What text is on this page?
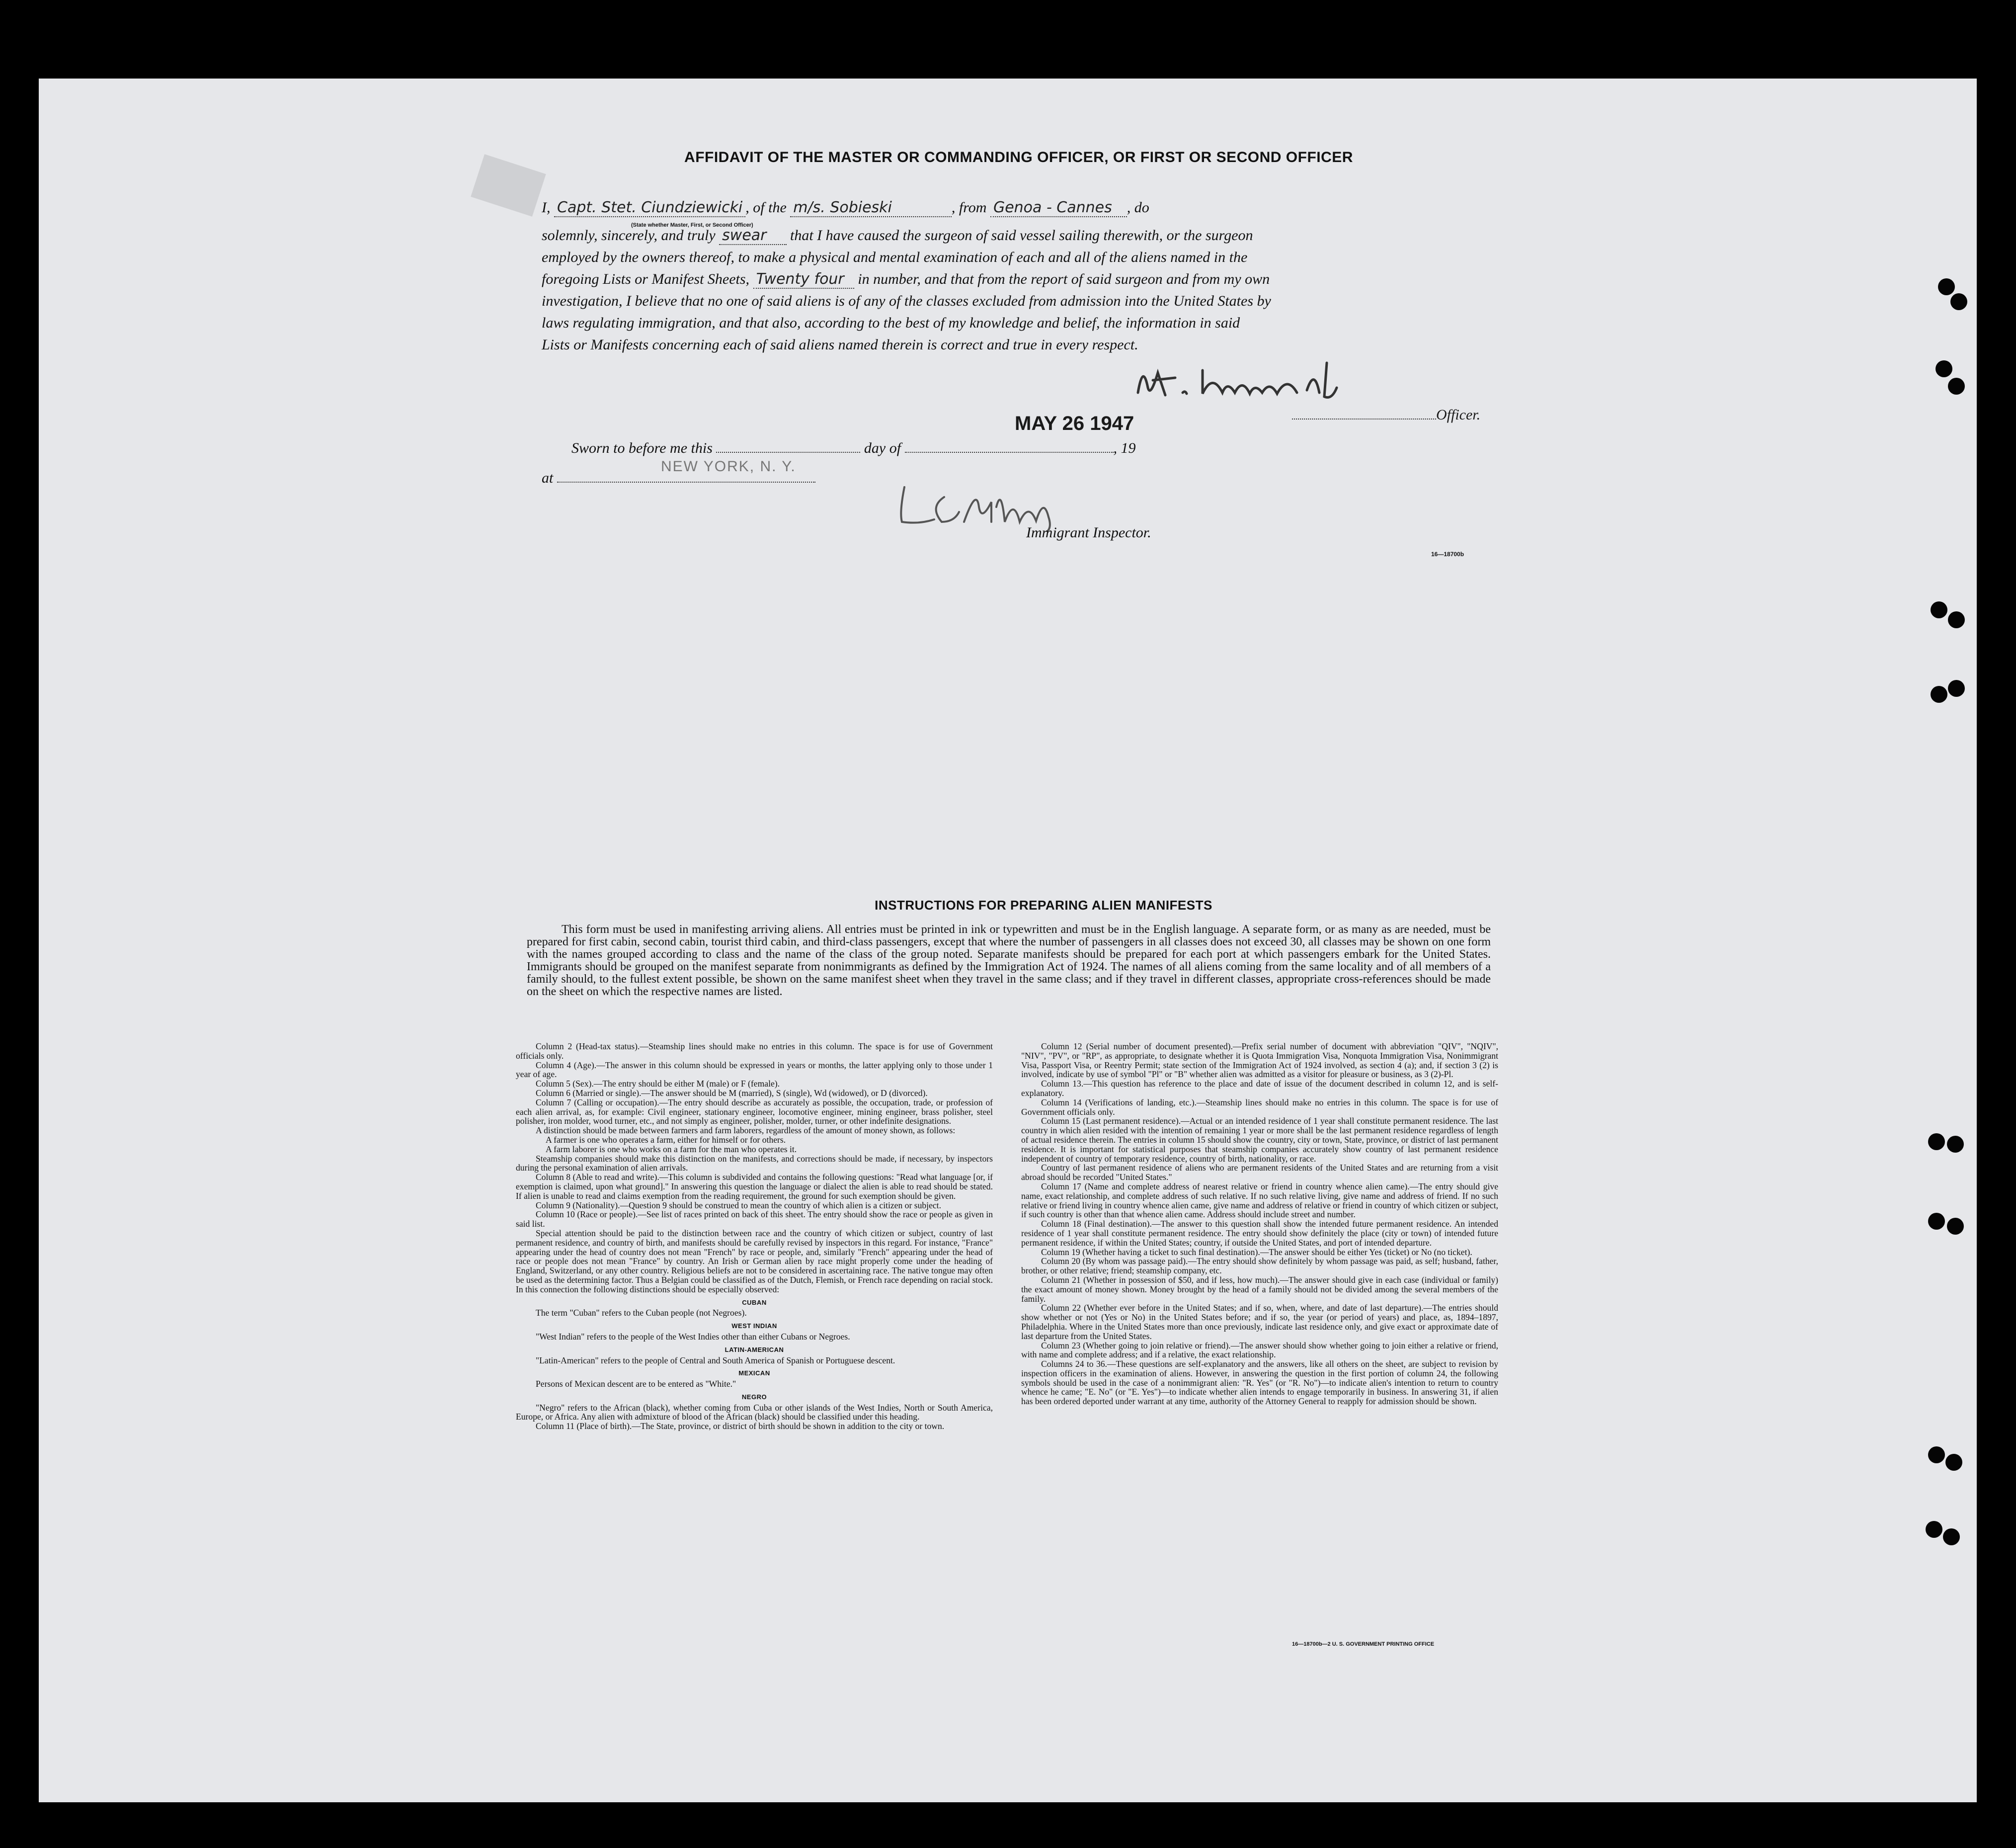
AFFIDAVIT OF THE MASTER OR COMMANDING OFFICER, OR FIRST OR SECOND OFFICER
I, Capt. Stet. Ciundziewicki , of the m/s. Sobieski	, from Genoa - Cannes , do
(State whether Master, First, or Second Officer)
solemnly, sincerely, and truly swear that I have caused the surgeon of said vessel sailing therewith, or the surgeon
employed by the owners thereof, to make a physical and mental examination of each and all of the aliens named in the
foregoing Lists or Manifest Sheets, Twenty four in number, and that from the report of said surgeon and from my own
investigation, I believe that no one of said aliens is of any of the classes excluded from admission into the United States by
laws regulating immigration, and that also, according to the best of my knowledge and belief, the information in said
Lists or Manifests concerning each of said aliens named therein is correct and true in every respect.
Officer.
MAY 26 1947
Sworn to before me this	day of	, 19
at
NEW YORK, N. Y.
Immigrant Inspector.
16—18700b
INSTRUCTIONS FOR PREPARING ALIEN MANIFESTS
This form must be used in manifesting arriving aliens. All entries must be printed in ink or typewritten and must be in the English language. A separate form, or as many as are needed, must be prepared for first cabin, second cabin, tourist third cabin, and third-class passengers, except that where the number of passengers in all classes does not exceed 30, all classes may be shown on one form with the names grouped according to class and the name of the class of the group noted. Separate manifests should be prepared for each port at which passengers embark for the United States. Immigrants should be grouped on the manifest separate from nonimmigrants as defined by the Immigration Act of 1924. The names of all aliens coming from the same locality and of all members of a family should, to the fullest extent possible, be shown on the same manifest sheet when they travel in the same class; and if they travel in different classes, appropriate cross-references should be made on the sheet on which the respective names are listed.

Column 2 (Head-tax status).—Steamship lines should make no entries in this column. The space is for use of Government officials only.

Column 4 (Age).—The answer in this column should be expressed in years or months, the latter applying only to those under 1 year of age.

Column 5 (Sex).—The entry should be either M (male) or F (female).

Column 6 (Married or single).—The answer should be M (married), S (single), Wd (widowed), or D (divorced).

Column 7 (Calling or occupation).—The entry should describe as accurately as possible, the occupation, trade, or profession of each alien arrival, as, for example: Civil engineer, stationary engineer, locomotive engineer, mining engineer, brass polisher, steel polisher, iron molder, wood turner, etc., and not simply as engineer, polisher, molder, turner, or other indefinite designations.

A distinction should be made between farmers and farm laborers, regardless of the amount of money shown, as follows:

A farmer is one who operates a farm, either for himself or for others.

A farm laborer is one who works on a farm for the man who operates it.

Steamship companies should make this distinction on the manifests, and corrections should be made, if necessary, by inspectors during the personal examination of alien arrivals.

Column 8 (Able to read and write).—This column is subdivided and contains the following questions: "Read what language [or, if exemption is claimed, upon what ground]." In answering this question the language or dialect the alien is able to read should be stated. If alien is unable to read and claims exemption from the reading requirement, the ground for such exemption should be given.

Column 9 (Nationality).—Question 9 should be construed to mean the country of which alien is a citizen or subject.

Column 10 (Race or people).—See list of races printed on back of this sheet. The entry should show the race or people as given in said list.

Special attention should be paid to the distinction between race and the country of which citizen or subject, country of last permanent residence, and country of birth, and manifests should be carefully revised by inspectors in this regard. For instance, "France" appearing under the head of country does not mean "French" by race or people, and, similarly "French" appearing under the head of race or people does not mean "France" by country. An Irish or German alien by race might properly come under the heading of England, Switzerland, or any other country. Religious beliefs are not to be considered in ascertaining race. The native tongue may often be used as the determining factor. Thus a Belgian could be classified as of the Dutch, Flemish, or French race depending on racial stock. In this connection the following distinctions should be especially observed:

CUBAN

The term "Cuban" refers to the Cuban people (not Negroes).

WEST INDIAN

"West Indian" refers to the people of the West Indies other than either Cubans or Negroes.

LATIN-AMERICAN

"Latin-American" refers to the people of Central and South America of Spanish or Portuguese descent.

MEXICAN

Persons of Mexican descent are to be entered as "White."

NEGRO

"Negro" refers to the African (black), whether coming from Cuba or other islands of the West Indies, North or South America, Europe, or Africa. Any alien with admixture of blood of the African (black) should be classified under this heading.

Column 11 (Place of birth).—The State, province, or district of birth should be shown in addition to the city or town.

Column 12 (Serial number of document presented).—Prefix serial number of document with abbreviation "QIV", "NQIV", "NIV", "PV", or "RP", as appropriate, to designate whether it is Quota Immigration Visa, Nonquota Immigration Visa, Nonimmigrant Visa, Passport Visa, or Reentry Permit; state section of the Immigration Act of 1924 involved, as section 4 (a); and, if section 3 (2) is involved, indicate by use of symbol "Pl" or "B" whether alien was admitted as a visitor for pleasure or business, as 3 (2)-Pl.

Column 13.—This question has reference to the place and date of issue of the document described in column 12, and is self-explanatory.

Column 14 (Verifications of landing, etc.).—Steamship lines should make no entries in this column. The space is for use of Government officials only.

Column 15 (Last permanent residence).—Actual or an intended residence of 1 year shall constitute permanent residence. The last country in which alien resided with the intention of remaining 1 year or more shall be the last permanent residence regardless of length of actual residence therein. The entries in column 15 should show the country, city or town, State, province, or district of last permanent residence. It is important for statistical purposes that steamship companies accurately show country of last permanent residence independent of country of temporary residence, country of birth, nationality, or race.

Country of last permanent residence of aliens who are permanent residents of the United States and are returning from a visit abroad should be recorded "United States."

Column 17 (Name and complete address of nearest relative or friend in country whence alien came).—The entry should give name, exact relationship, and complete address of such relative. If no such relative living, give name and address of friend. If no such relative or friend living in country whence alien came, give name and address of relative or friend in country of which citizen or subject, if such country is other than that whence alien came. Address should include street and number.

Column 18 (Final destination).—The answer to this question shall show the intended future permanent residence. An intended residence of 1 year shall constitute permanent residence. The entry should show definitely the place (city or town) of intended future permanent residence, if within the United States; country, if outside the United States, and port of intended departure.

Column 19 (Whether having a ticket to such final destination).—The answer should be either Yes (ticket) or No (no ticket).

Column 20 (By whom was passage paid).—The entry should show definitely by whom passage was paid, as self; husband, father, brother, or other relative; friend; steamship company, etc.

Column 21 (Whether in possession of $50, and if less, how much).—The answer should give in each case (individual or family) the exact amount of money shown. Money brought by the head of a family should not be divided among the several members of the family.

Column 22 (Whether ever before in the United States; and if so, when, where, and date of last departure).—The entries should show whether or not (Yes or No) in the United States before; and if so, the year (or period of years) and place, as, 1894–1897, Philadelphia. Where in the United States more than once previously, indicate last residence only, and give exact or approximate date of last departure from the United States.

Column 23 (Whether going to join relative or friend).—The answer should show whether going to join either a relative or friend, with name and complete address; and if a relative, the exact relationship.

Columns 24 to 36.—These questions are self-explanatory and the answers, like all others on the sheet, are subject to revision by inspection officers in the examination of aliens. However, in answering the question in the first portion of column 24, the following symbols should be used in the case of a nonimmigrant alien: "R. Yes" (or "R. No")—to indicate alien's intention to return to country whence he came; "E. No" (or "E. Yes")—to indicate whether alien intends to engage temporarily in business. In answering 31, if alien has been ordered deported under warrant at any time, authority of the Attorney General to reapply for admission should be shown.

16—18700b—2 U. S. GOVERNMENT PRINTING OFFICE
